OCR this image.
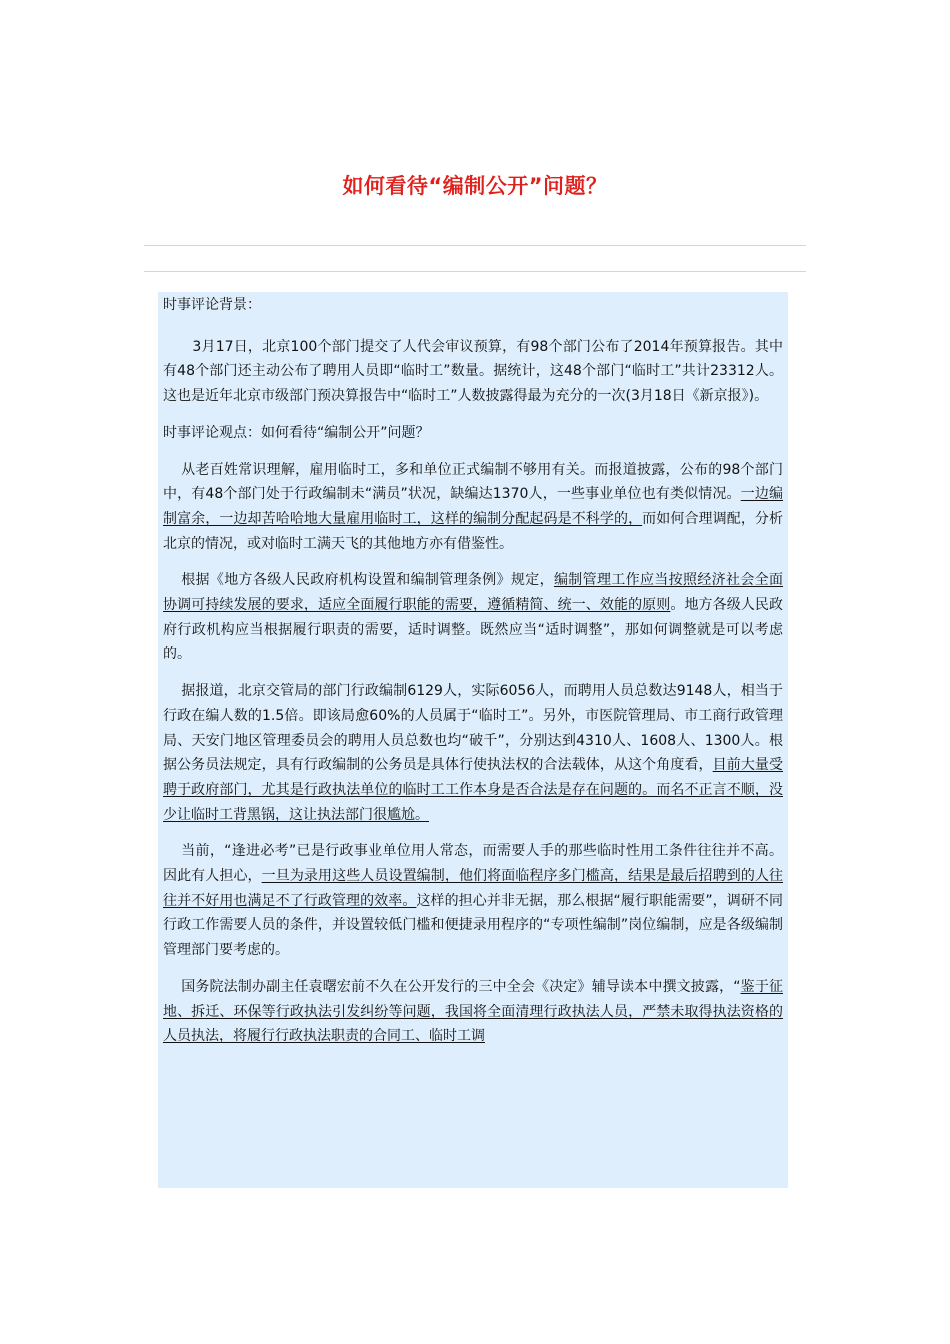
如何看待“编制公开”问题？

时事评论背景：

3月17日，北京100个部门提交了人代会审议预算，有98个部门公布了2014年预算报告。其中有48个部门还主动公布了聘用人员即“临时工”数量。据统计，这48个部门“临时工”共计23312人。这也是近年北京市级部门预决算报告中“临时工”人数披露得最为充分的一次(3月18日《新京报》)。

时事评论观点：如何看待“编制公开”问题？

从老百姓常识理解，雇用临时工，多和单位正式编制不够用有关。而报道披露，公布的98个部门中，有48个部门处于行政编制未“满员”状况，缺编达1370人，一些事业单位也有类似情况。一边编制富余，一边却苦哈哈地大量雇用临时工，这样的编制分配起码是不科学的，而如何合理调配，分析北京的情况，或对临时工满天飞的其他地方亦有借鉴性。

根据《地方各级人民政府机构设置和编制管理条例》规定，编制管理工作应当按照经济社会全面协调可持续发展的要求，适应全面履行职能的需要，遵循精简、统一、效能的原则。地方各级人民政府行政机构应当根据履行职责的需要，适时调整。既然应当“适时调整”，那如何调整就是可以考虑的。

据报道，北京交管局的部门行政编制6129人，实际6056人，而聘用人员总数达9148人，相当于行政在编人数的1.5倍。即该局愈60%的人员属于“临时工”。另外，市医院管理局、市工商行政管理局、天安门地区管理委员会的聘用人员总数也均“破千”，分别达到4310人、1608人、1300人。根据公务员法规定，具有行政编制的公务员是具体行使执法权的合法载体，从这个角度看，目前大量受聘于政府部门，尤其是行政执法单位的临时工工作本身是否合法是存在问题的。而名不正言不顺，没少让临时工背黑锅，这让执法部门很尴尬。

当前，“逢进必考”已是行政事业单位用人常态，而需要人手的那些临时性用工条件往往并不高。因此有人担心，一旦为录用这些人员设置编制，他们将面临程序多门槛高，结果是最后招聘到的人往往并不好用也满足不了行政管理的效率。这样的担心并非无据，那么根据“履行职能需要”，调研不同行政工作需要人员的条件，并设置较低门槛和便捷录用程序的“专项性编制”岗位编制，应是各级编制管理部门要考虑的。

国务院法制办副主任袁曙宏前不久在公开发行的三中全会《决定》辅导读本中撰文披露，“鉴于征地、拆迁、环保等行政执法引发纠纷等问题，我国将全面清理行政执法人员，严禁未取得执法资格的人员执法，将履行行政执法职责的合同工、临时工调
